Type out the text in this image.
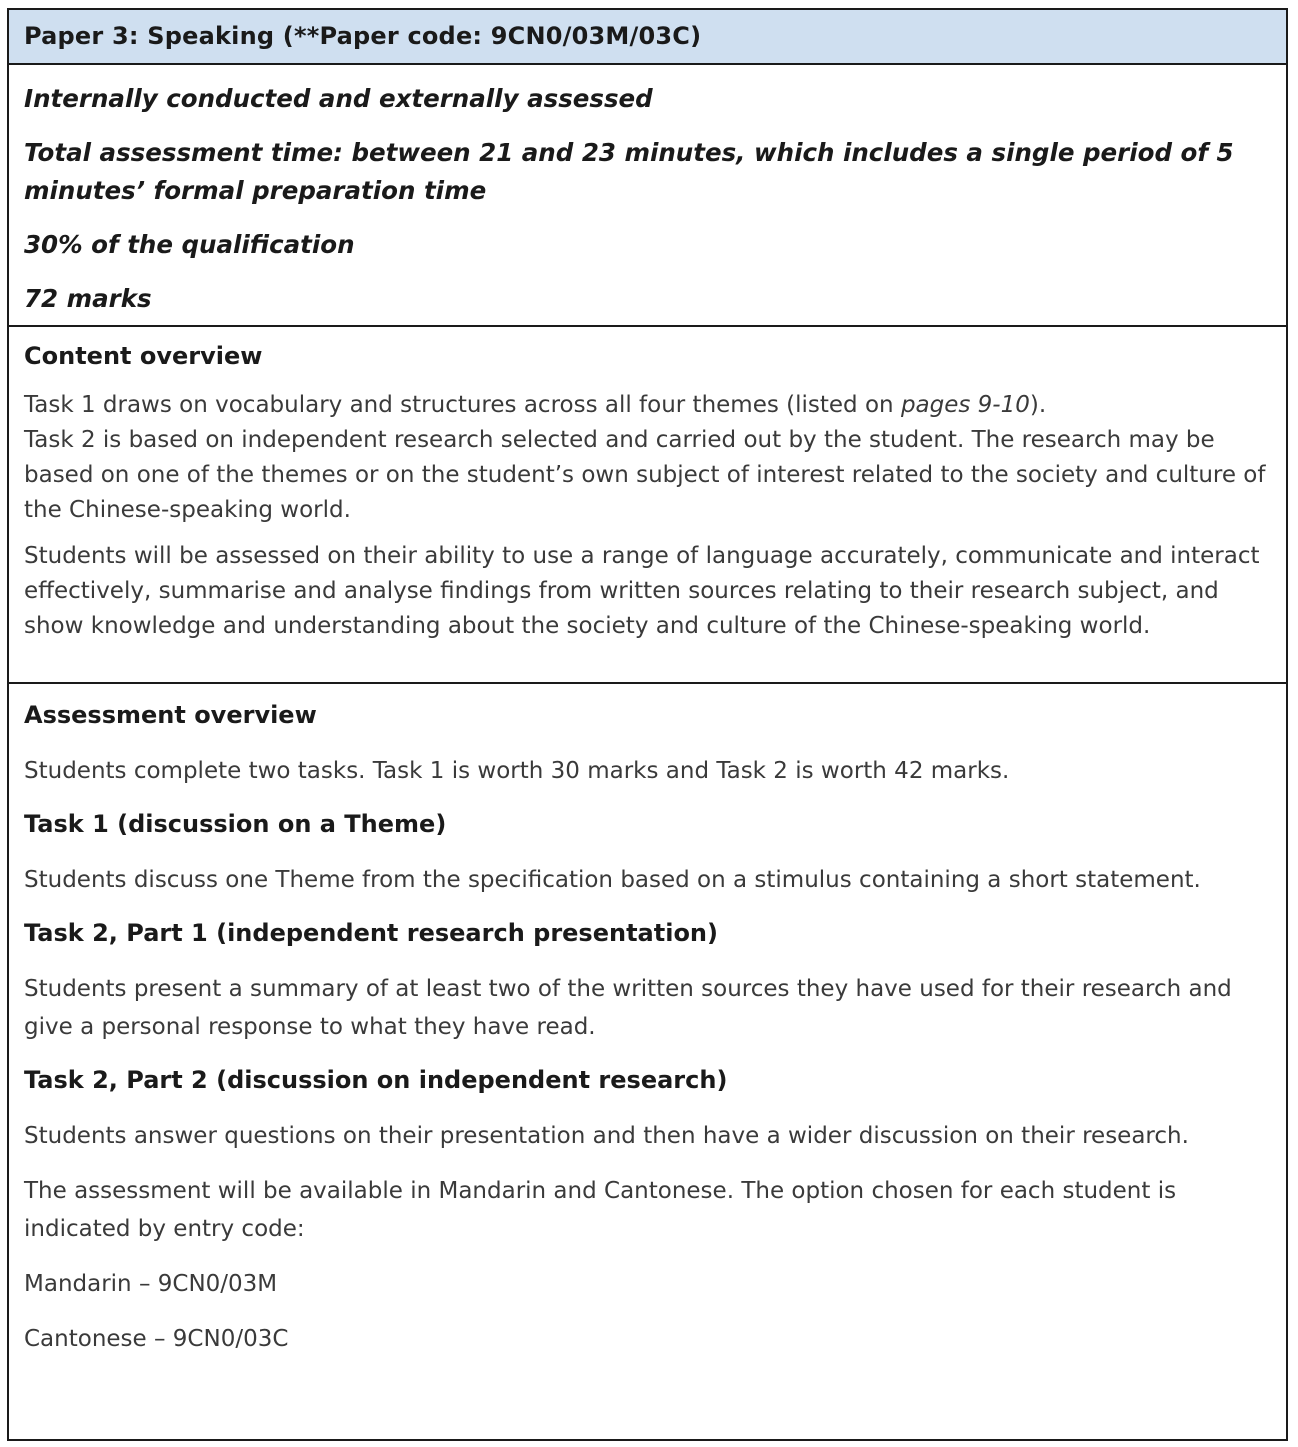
Paper 3: Speaking (**Paper code: 9CN0/03M/03C)

Internally conducted and externally assessed

Total assessment time: between 21 and 23 minutes, which includes a single period of 5 minutes’ formal preparation time

30% of the qualification

72 marks

Content overview

Task 1 draws on vocabulary and structures across all four themes (listed on pages 9-10).
Task 2 is based on independent research selected and carried out by the student. The research may be based on one of the themes or on the student’s own subject of interest related to the society and culture of the Chinese-speaking world.

Students will be assessed on their ability to use a range of language accurately, communicate and interact effectively, summarise and analyse findings from written sources relating to their research subject, and show knowledge and understanding about the society and culture of the Chinese-speaking world.

Assessment overview

Students complete two tasks. Task 1 is worth 30 marks and Task 2 is worth 42 marks.

Task 1 (discussion on a Theme)

Students discuss one Theme from the specification based on a stimulus containing a short statement.

Task 2, Part 1 (independent research presentation)

Students present a summary of at least two of the written sources they have used for their research and give a personal response to what they have read.

Task 2, Part 2 (discussion on independent research)

Students answer questions on their presentation and then have a wider discussion on their research.

The assessment will be available in Mandarin and Cantonese. The option chosen for each student is indicated by entry code:

Mandarin – 9CN0/03M

Cantonese – 9CN0/03C
